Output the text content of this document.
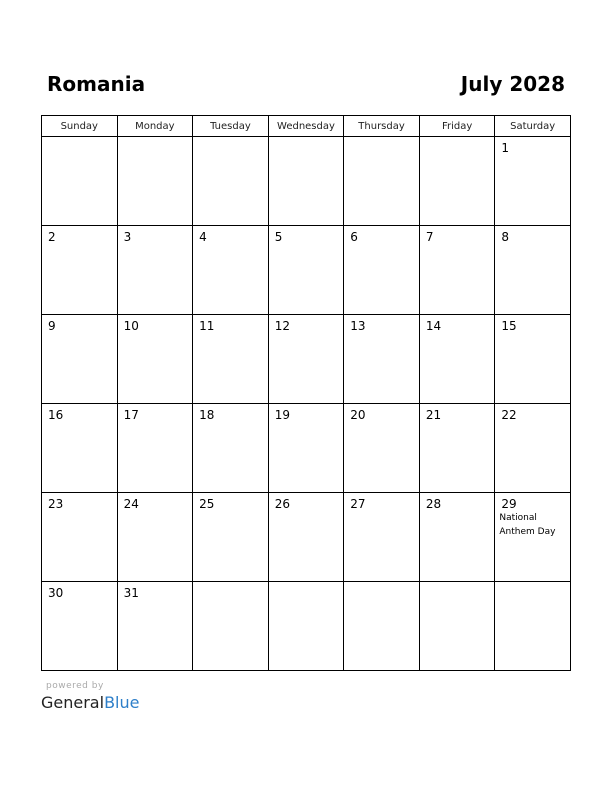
Romania	July 2028
Sunday	Monday	Tuesday	Wednesday	Thursday	Friday	Saturday

						1

2	3	4	5	6	7	8

9	10	11	12	13	14	15

16	17	18	19	20	21	22

23	24	25	26	27	28	29
National Anthem Day

30	31					

powered by
GeneralBlue
